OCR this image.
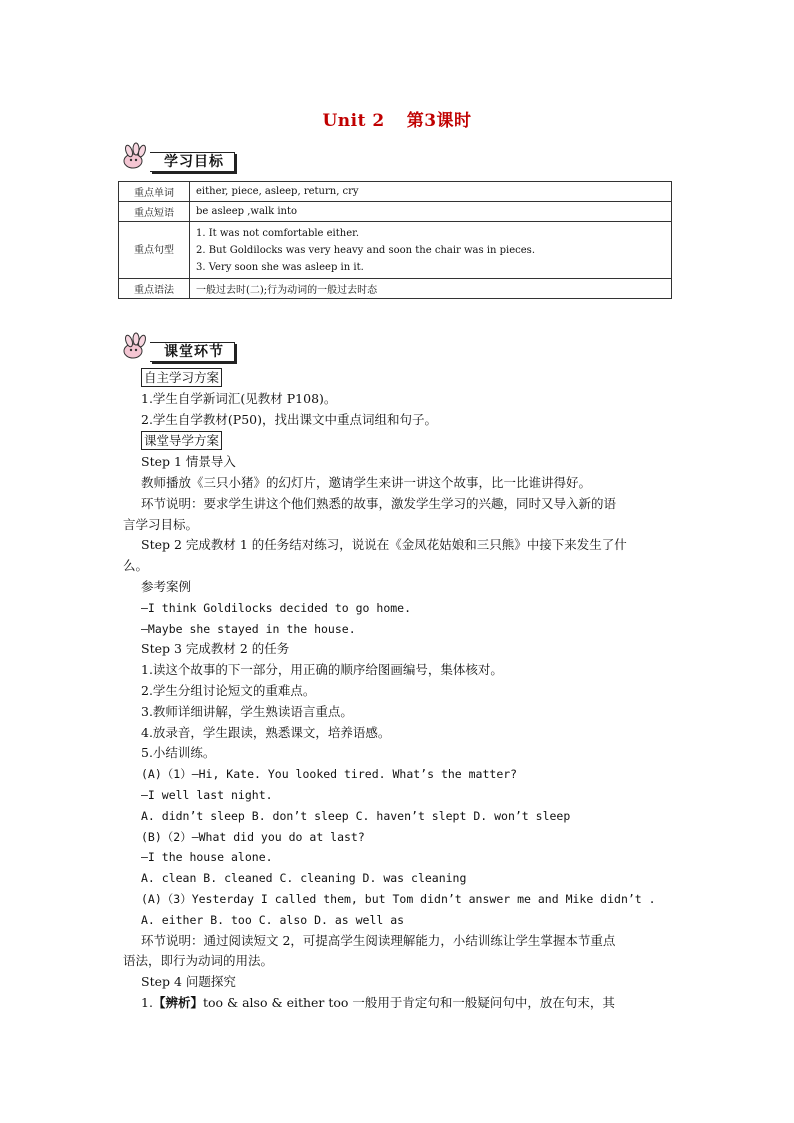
Unit 2 第3课时
学习目标
重点单词	either, piece, asleep, return, cry
重点短语	be asleep ,walk into
重点句型	1. It was not comfortable either.
2. But Goldilocks was very heavy and soon the chair was in pieces.
3. Very soon she was asleep in it.

重点语法	一般过去时(二);行为动词的一般过去时态
课堂环节
自主学习方案
1.学生自学新词汇(见教材 P108)。
2.学生自学教材(P50)，找出课文中重点词组和句子。
课堂导学方案
Step 1 情景导入
教师播放《三只小猪》的幻灯片，邀请学生来讲一讲这个故事，比一比谁讲得好。
环节说明：要求学生讲这个他们熟悉的故事，激发学生学习的兴趣，同时又导入新的语
言学习目标。
Step 2 完成教材 1 的任务结对练习，说说在《金凤花姑娘和三只熊》中接下来发生了什
么。
参考案例
—I think Goldilocks decided to go home.
—Maybe she stayed in the house.
Step 3 完成教材 2 的任务
1.读这个故事的下一部分，用正确的顺序给图画编号，集体核对。
2.学生分组讨论短文的重难点。
3.教师详细讲解，学生熟读语言重点。
4.放录音，学生跟读，熟悉课文，培养语感。
5.小结训练。
(A)（1）—Hi, Kate. You looked tired. What’s the matter?
—I well last night.
A. didn’t sleep B. don’t sleep C. haven’t slept D. won’t sleep
(B)（2）—What did you do at last?
—I the house alone.
A. clean B. cleaned C. cleaning D. was cleaning
(A)（3）Yesterday I called them, but Tom didn’t answer me and Mike didn’t .
A. either B. too C. also D. as well as
环节说明：通过阅读短文 2，可提高学生阅读理解能力，小结训练让学生掌握本节重点
语法，即行为动词的用法。
Step 4 问题探究
1.【辨析】too & also & either too 一般用于肯定句和一般疑问句中，放在句末，其
